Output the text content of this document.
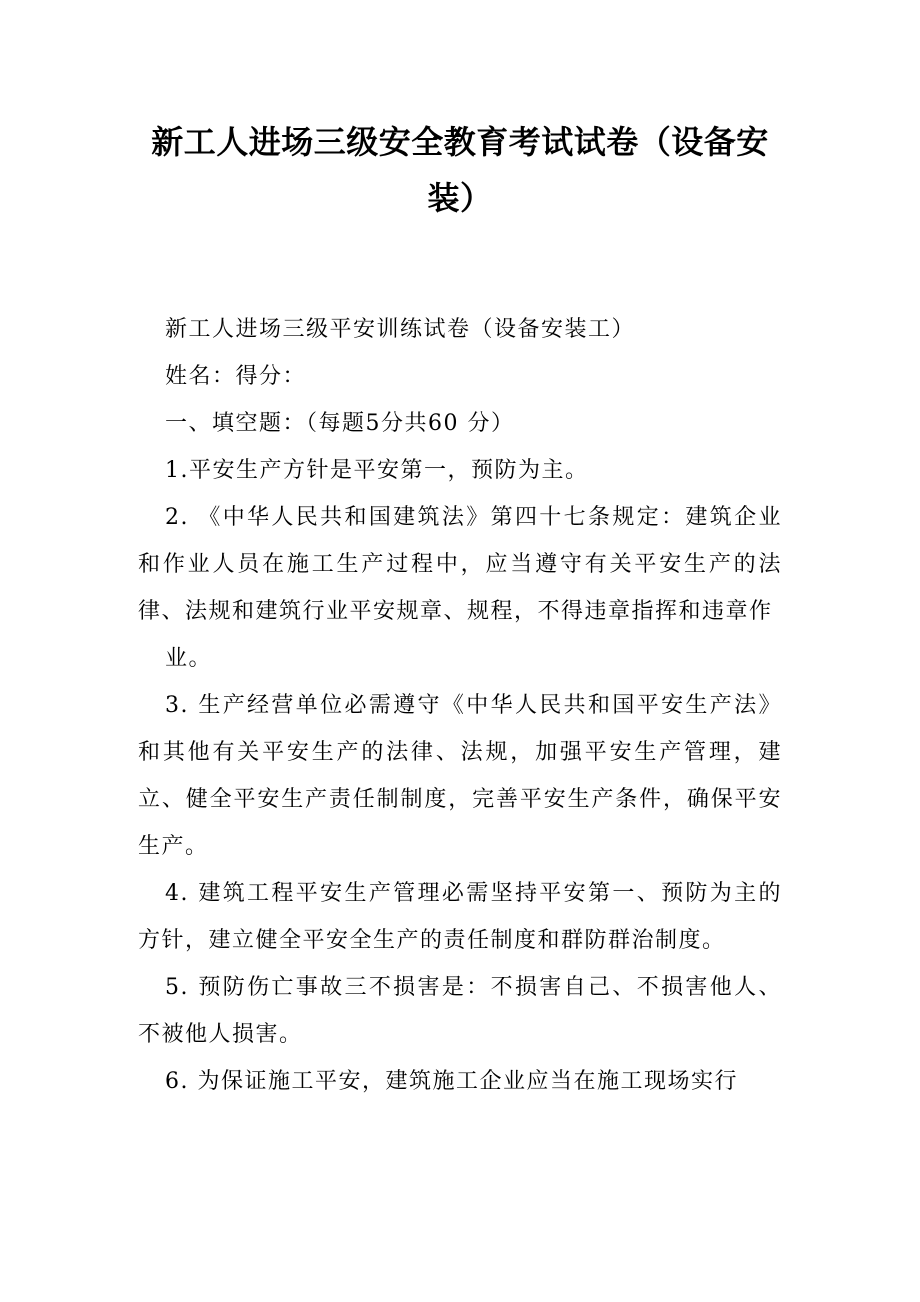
新工人进场三级安全教育考试试卷（设备安装）

新工人进场三级平安训练试卷（设备安装工）

姓名：得分：

一、填空题：（每题5分共60 分）

1.平安生产方针是平安第一，预防为主。

2. 《中华人民共和国建筑法》第四十七条规定：建筑企业和作业人员在施工生产过程中，应当遵守有关平安生产的法律、法规和建筑行业平安规章、规程，不得违章指挥和违章作

业。

3. 生产经营单位必需遵守《中华人民共和国平安生产法》和其他有关平安生产的法律、法规，加强平安生产管理，建立、健全平安生产责任制制度，完善平安生产条件，确保平安生产。

4. 建筑工程平安生产管理必需坚持平安第一、预防为主的方针，建立健全平安全生产的责任制度和群防群治制度。

5. 预防伤亡事故三不损害是：不损害自己、不损害他人、不被他人损害。

6. 为保证施工平安，建筑施工企业应当在施工现场实行
